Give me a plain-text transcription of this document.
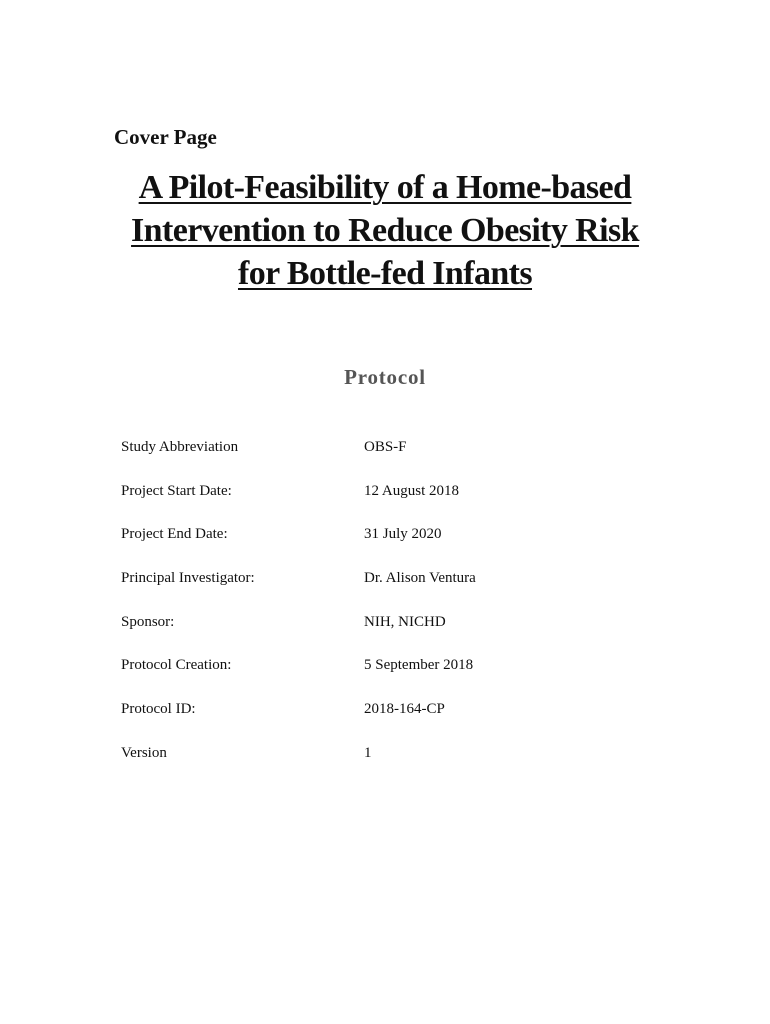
Cover Page
A Pilot-Feasibility of a Home-based
Intervention to Reduce Obesity Risk
for Bottle-fed Infants
Protocol
Study Abbreviation	OBS-F
Project Start Date:	12 August 2018
Project End Date:	31 July 2020
Principal Investigator:	Dr. Alison Ventura
Sponsor:	NIH, NICHD
Protocol Creation:	5 September 2018
Protocol ID:	2018-164-CP
Version	1
